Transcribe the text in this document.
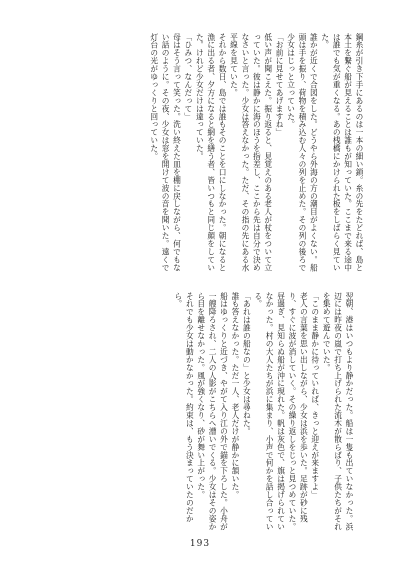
鋼糸が引き下手にあるのは一本の細い鎖。糸の先をたどれば、島と本土を繋ぐ船が見えることは誰もが知っていた。ここまで来る途中は誰でも気が重くなる。あの桟橋にかけられた板をしばらく見ていた。

誰かが近くで合図をした。どうやら外海の方の潮目がよくない。船頭は手を振り、荷物を積み込む人々の列を止めた。その列の後ろで少女はじっと立っていた。

「お前に見せてあげますね」

低い声が聞こえた。振り返ると、見覚えのある老人が杖をついて立っていた。彼は静かに海のほうを指差し、ここから先は自分で決めなさいと言った。少女は答えなかった。ただ、その指の先にある水平線を見ていた。

それから数日、島では誰もそのことを口にしなかった。朝になると漁に出る者、夕方になると網を繕う者、皆いつもと同じ顔をしていた。けれど少女だけは違っていた。

「ひみつ、なんだって」

母はそう言って笑った。洗い終えた皿を棚に戻しながら、何でもない話のように。その夜、少女は窓を開けて波の音を聞いた。遠くで灯台の光がゆっくりと回っていた。

翌朝、港はいつもより静かだった。船は一隻も出ていなかった。浜辺には昨夜の嵐で打ち上げられた流木が散らばり、子供たちがそれを集めて遊んでいた。

「このまま静かに待っていれば、きっと迎えが来ますよ」

老人の言葉を思い出しながら、少女は浜を歩いた。足跡が砂に残り、すぐに波が消していく。その繰り返しをじっと見つめていた。

昼過ぎ、見知らぬ船が沖に現れた。帆は灰色で、旗は掲げられていなかった。村の大人たちが浜に集まり、小声で何かを話し合っている。

「あれは誰の船なの」と少女は尋ねた。

誰も答えなかった。ただ一人、老人だけが静かに頷いた。

船はゆっくりと近づき、やがて入り江の外で錨を下ろした。小舟が一艘降ろされ、二人の人影がこちらへ漕いでくる。少女はその姿から目を離せなかった。風が強くなり、砂が舞い上がった。

それでも少女は動かなかった。約束は、もう決まっていたのだから。

193
